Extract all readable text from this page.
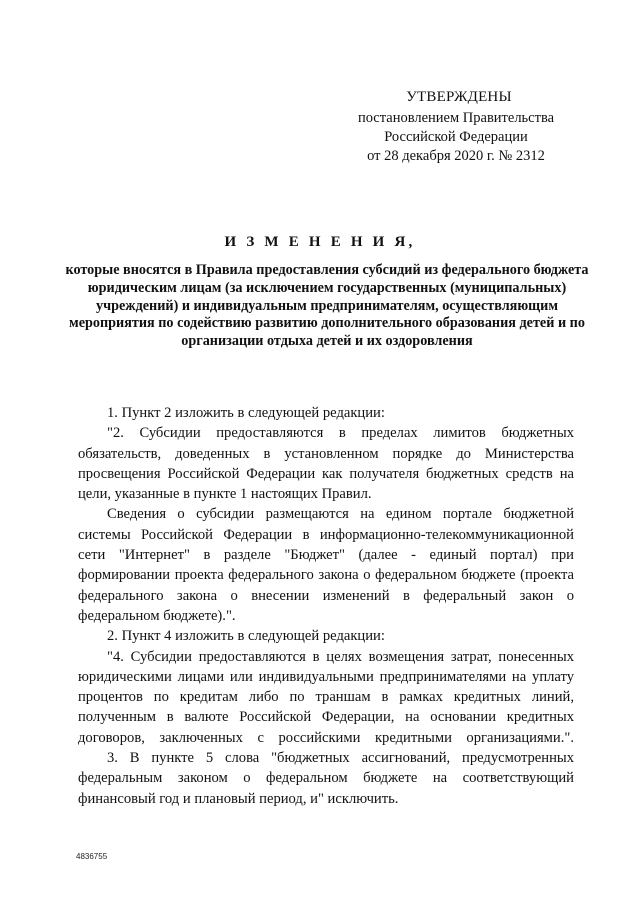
УТВЕРЖДЕНЫ
постановлением Правительства
Российской Федерации
от 28 декабря 2020 г. № 2312
И З М Е Н Е Н И Я,
которые вносятся в Правила предоставления субсидий из федерального бюджета юридическим лицам (за исключением государственных (муниципальных) учреждений) и индивидуальным предпринимателям, осуществляющим мероприятия по содействию развитию дополнительного образования детей и по организации отдыха детей и их оздоровления

1. Пункт 2 изложить в следующей редакции:

"2. Субсидии предоставляются в пределах лимитов бюджетных обязательств, доведенных в установленном порядке до Министерства просвещения Российской Федерации как получателя бюджетных средств на цели, указанные в пункте 1 настоящих Правил.

Сведения о субсидии размещаются на едином портале бюджетной системы Российской Федерации в информационно-телекоммуникационной сети "Интернет" в разделе "Бюджет" (далее - единый портал) при формировании проекта федерального закона о федеральном бюджете (проекта федерального закона о внесении изменений в федеральный закон о федеральном бюджете).".

2. Пункт 4 изложить в следующей редакции:

"4. Субсидии предоставляются в целях возмещения затрат, понесенных юридическими лицами или индивидуальными предпринимателями на уплату процентов по кредитам либо по траншам в рамках кредитных линий, полученным в валюте Российской Федерации, на основании кредитных договоров, заключенных с российскими кредитными организациями.".

3. В пункте 5 слова "бюджетных ассигнований, предусмотренных федеральным законом о федеральном бюджете на соответствующий финансовый год и плановый период, и" исключить.

4836755
